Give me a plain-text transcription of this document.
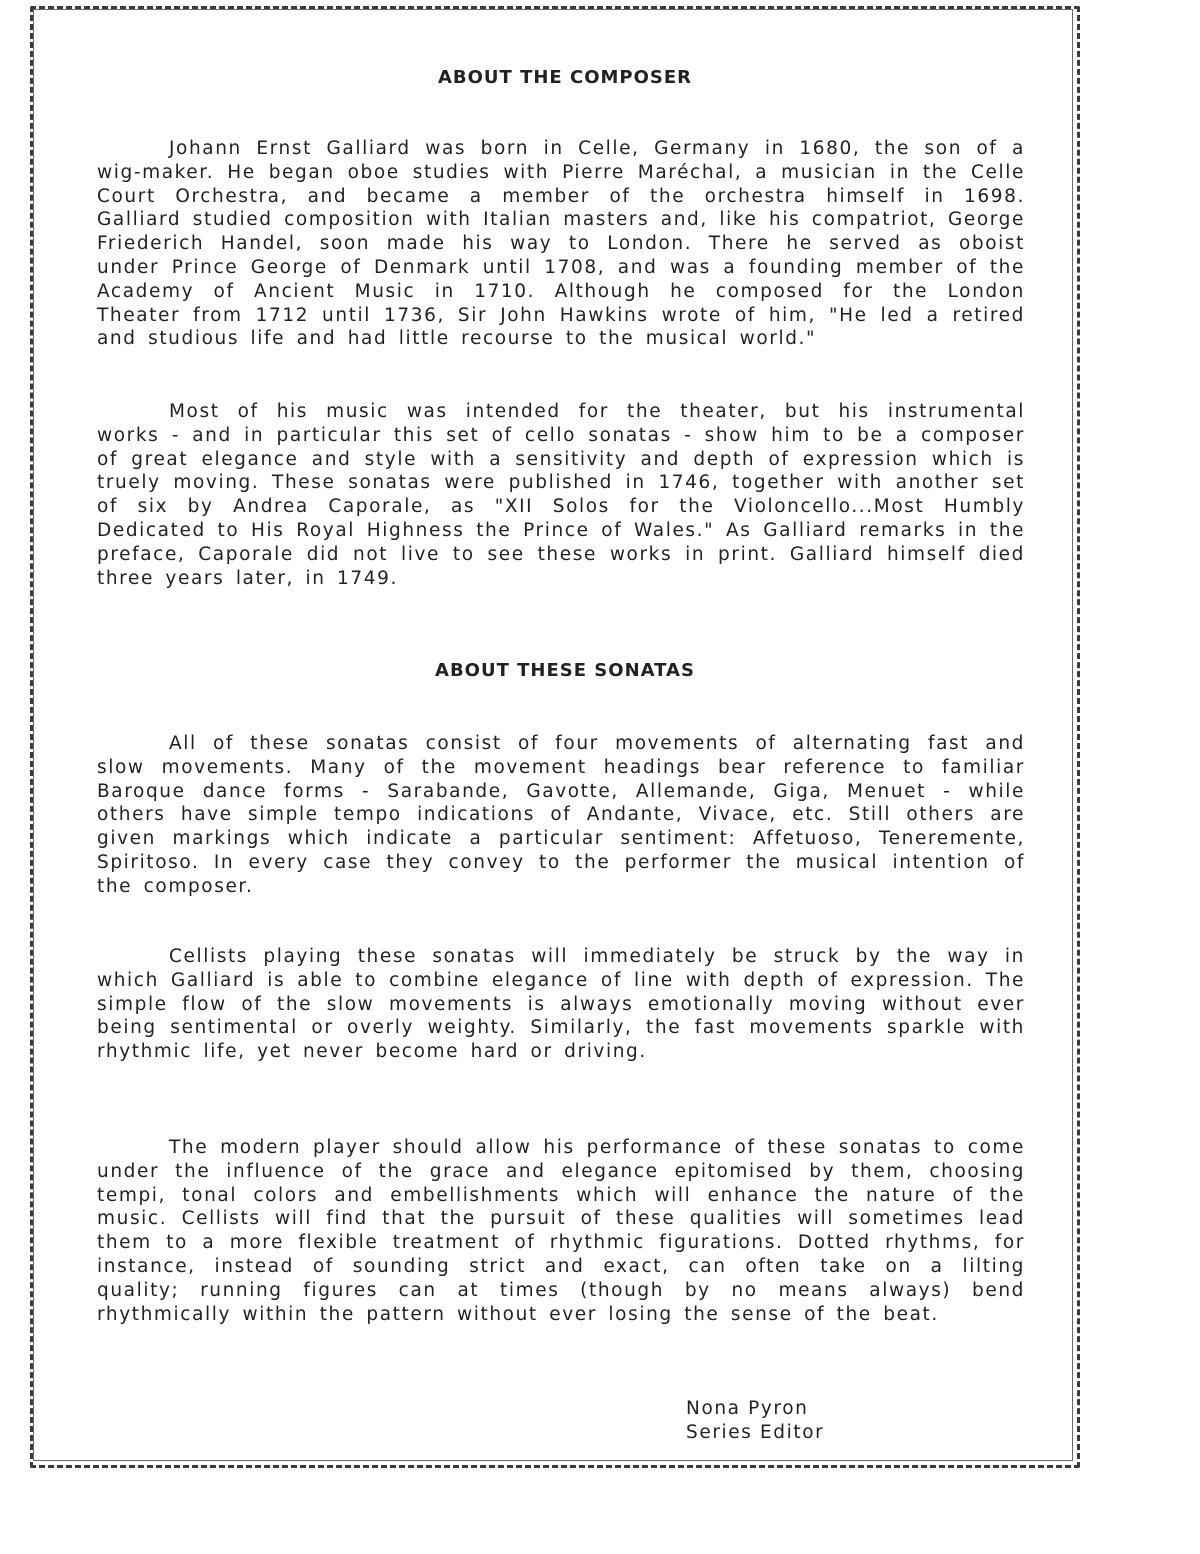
ABOUT THE COMPOSER

Johann Ernst Galliard was born in Celle, Germany in 1680, the son of a wig-maker. He began oboe studies with Pierre Maréchal, a musician in the Celle Court Orchestra, and became a member of the orchestra himself in 1698. Galliard studied composition with Italian masters and, like his compatriot, George Friederich Handel, soon made his way to London. There he served as oboist under Prince George of Denmark until 1708, and was a founding member of the Academy of Ancient Music in 1710. Although he composed for the London Theater from 1712 until 1736, Sir John Hawkins wrote of him, "He led a retired and studious life and had little recourse to the musical world."

Most of his music was intended for the theater, but his instrumental works - and in particular this set of cello sonatas - show him to be a composer of great elegance and style with a sensitivity and depth of expression which is truely moving. These sonatas were published in 1746, together with another set of six by Andrea Caporale, as "XII Solos for the Violoncello...Most Humbly Dedicated to His Royal Highness the Prince of Wales." As Galliard remarks in the preface, Caporale did not live to see these works in print. Galliard himself died three years later, in 1749.

ABOUT THESE SONATAS

All of these sonatas consist of four movements of alternating fast and slow movements. Many of the movement headings bear reference to familiar Baroque dance forms - Sarabande, Gavotte, Allemande, Giga, Menuet - while others have simple tempo indications of Andante, Vivace, etc. Still others are given markings which indicate a particular sentiment: Affetuoso, Teneremente, Spiritoso. In every case they convey to the performer the musical intention of the composer.

Cellists playing these sonatas will immediately be struck by the way in which Galliard is able to combine elegance of line with depth of expression. The simple flow of the slow movements is always emotionally moving without ever being sentimental or overly weighty. Similarly, the fast movements sparkle with rhythmic life, yet never become hard or driving.

The modern player should allow his performance of these sonatas to come under the influence of the grace and elegance epitomised by them, choosing tempi, tonal colors and embellishments which will enhance the nature of the music. Cellists will find that the pursuit of these qualities will sometimes lead them to a more flexible treatment of rhythmic figurations. Dotted rhythms, for instance, instead of sounding strict and exact, can often take on a lilting quality; running figures can at times (though by no means always) bend rhythmically within the pattern without ever losing the sense of the beat.

Nona Pyron
Series Editor
